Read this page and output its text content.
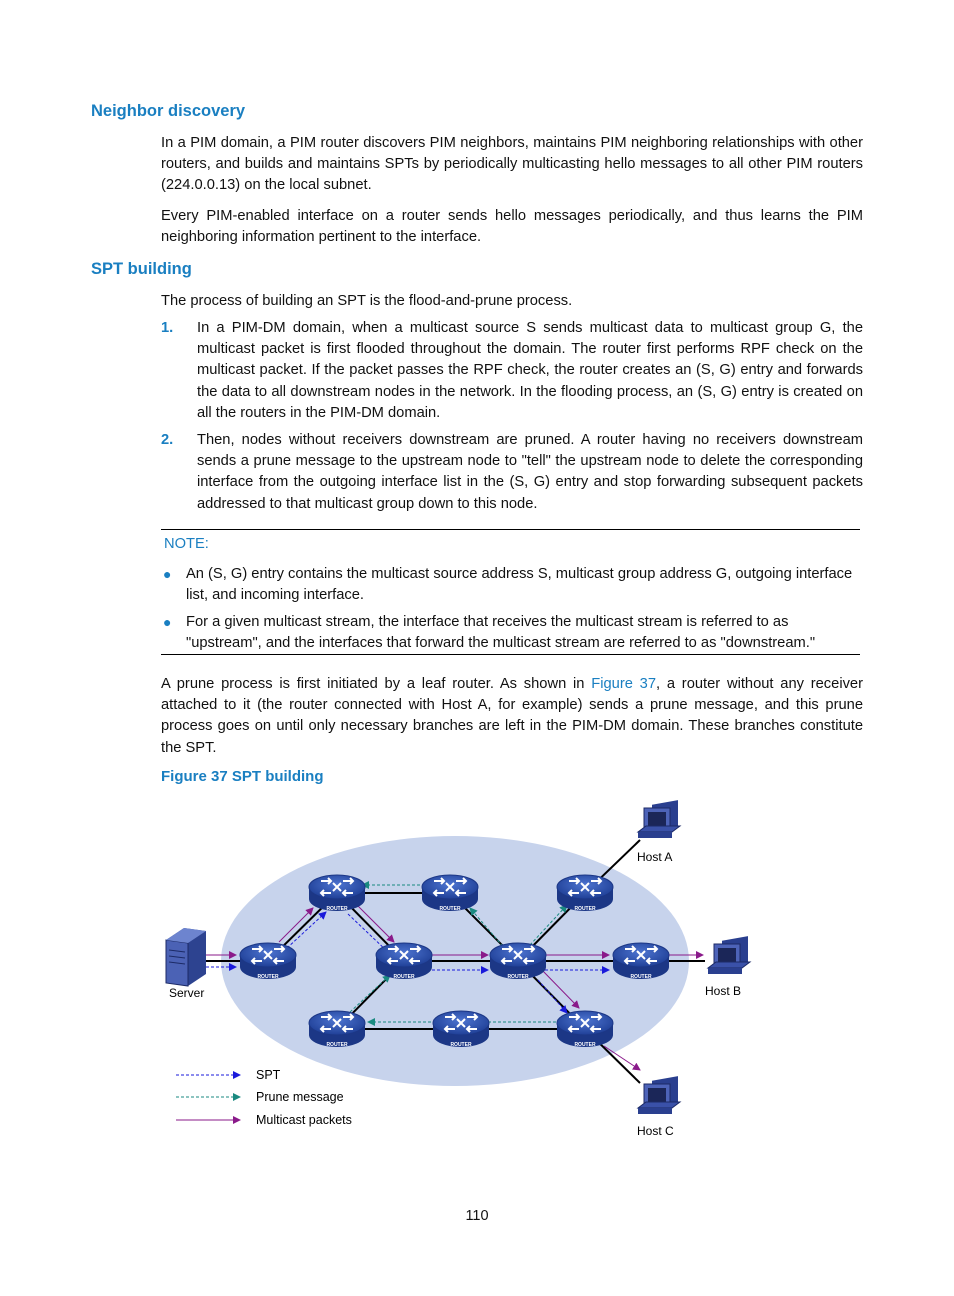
Neighbor discovery

In a PIM domain, a PIM router discovers PIM neighbors, maintains PIM neighboring relationships with other routers, and builds and maintains SPTs by periodically multicasting hello messages to all other PIM routers (224.0.0.13) on the local subnet.

Every PIM-enabled interface on a router sends hello messages periodically, and thus learns the PIM neighboring information pertinent to the interface.

SPT building

The process of building an SPT is the flood-and-prune process.

1. In a PIM-DM domain, when a multicast source S sends multicast data to multicast group G, the multicast packet is first flooded throughout the domain. The router first performs RPF check on the multicast packet. If the packet passes the RPF check, the router creates an (S, G) entry and forwards the data to all downstream nodes in the network. In the flooding process, an (S, G) entry is created on all the routers in the PIM-DM domain.
2. Then, nodes without receivers downstream are pruned. A router having no receivers downstream sends a prune message to the upstream node to "tell" the upstream node to delete the corresponding interface from the outgoing interface list in the (S, G) entry and stop forwarding subsequent packets addressed to that multicast group down to this node.
NOTE:
● An (S, G) entry contains the multicast source address S, multicast group address G, outgoing interface list, and incoming interface.
● For a given multicast stream, the interface that receives the multicast stream is referred to as "upstream", and the interfaces that forward the multicast stream are referred to as "downstream."

A prune process is first initiated by a leaf router. As shown in Figure 37, a router without any receiver attached to it (the router connected with Host A, for example) sends a prune message, and this prune process goes on until only necessary branches are left in the PIM-DM domain. These branches constitute the SPT.

Figure 37 SPT building
ROUTER	ROUTER	ROUTER
ROUTER	ROUTER	ROUTER	ROUTER
ROUTER	ROUTER	ROUTER
Server
Host A
Host B
Host C
SPT
Prune message
Multicast packets
110
